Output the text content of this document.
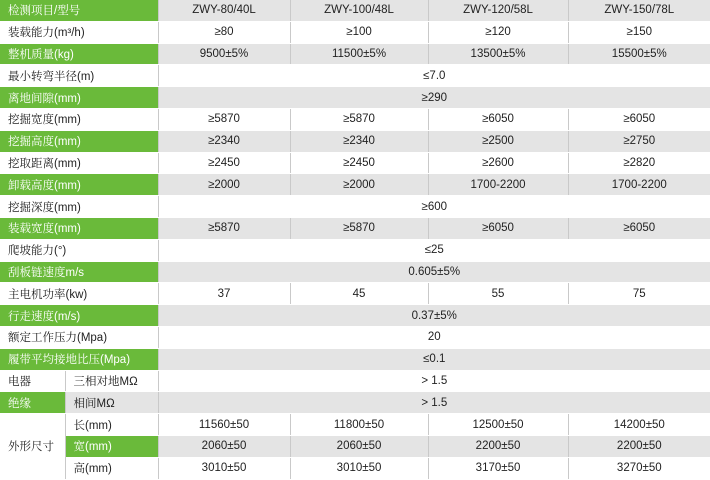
检测项目/型号		ZWY-80/40L	ZWY-100/48L	ZWY-120/58L	ZWY-150/78L
装载能力(m³/h)		≥80	≥100	≥120	≥150
整机质量(kg)		9500±5%	11500±5%	13500±5%	15500±5%
最小转弯半径(m)		≤7.0			
离地间隙(mm)		≥290			
挖掘宽度(mm)		≥5870	≥5870	≥6050	≥6050
挖掘高度(mm)		≥2340	≥2340	≥2500	≥2750
挖取距离(mm)		≥2450	≥2450	≥2600	≥2820
卸载高度(mm)		≥2000	≥2000	1700-2200	1700-2200
挖掘深度(mm)		≥600			
装载宽度(mm)		≥5870	≥5870	≥6050	≥6050
爬坡能力(°)		≤25			
刮板链速度m/s		0.605±5%			
主电机功率(kw)		37	45	55	75
行走速度(m/s)		0.37±5%			
额定工作压力(Mpa)		20			
履带平均接地比压(Mpa)		≤0.1			
电器	三相对地MΩ	> 1.5			
绝缘	相间MΩ	> 1.5			
外形尺寸	长(mm)	11560±50	11800±50	12500±50	14200±50
	宽(mm)	2060±50	2060±50	2200±50	2200±50
	高(mm)	3010±50	3010±50	3170±50	3270±50
